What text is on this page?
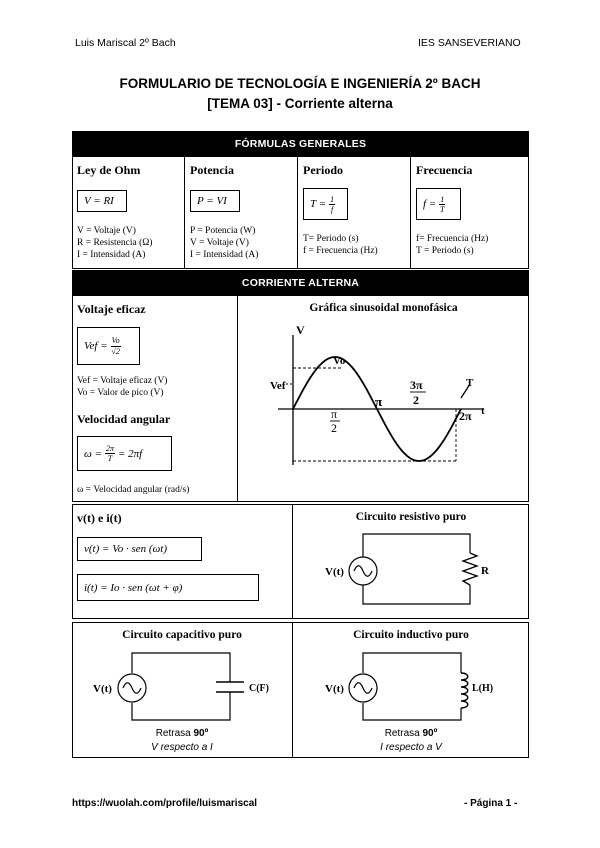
Luis Mariscal 2º Bach	IES SANSEVERIANO
FORMULARIO DE TECNOLOGÍA E INGENIERÍA 2º BACH
[TEMA 03] - Corriente alterna
FÓRMULAS GENERALES
Ley de Ohm
V = RI
V = Voltaje (V)
R = Resistencia (Ω)
I = Intensidad (A)
Potencia
P = VI
P = Potencia (W)
V = Voltaje (V)
I = Intensidad (A)
Periodo
$T = \frac{1}{f}$
T= Periodo (s)
f = Frecuencia (Hz)
Frecuencia
$f = \frac{1}{T}$
f= Frecuencia (Hz)
T = Periodo (s)
CORRIENTE ALTERNA
Voltaje eficaz
Vef = $\frac{Vo}{√2}$
Vef = Voltaje eficaz (V)
Vo = Valor de pico (V)
Velocidad angular
$\omega = \frac{2\pi}{T} = 2\pi f$
ω = Velocidad angular (rad/s)
Gráfica sinusoidal monofásica
V
Vo
Vef
π
2
π
3π
2
2π
T
t
v(t) e i(t)
v(t) = Vo · sen (ωt)
i(t) = Io · sen (ωt + φ)
Circuito resistivo puro
V(t)	R
Circuito capacitivo puro
V(t)	C(F)
Retrasa 90º
V respecto a I
Circuito inductivo puro
V(t)	L(H)
Retrasa 90º
I respecto a V
https://wuolah.com/profile/luismariscal	- Página 1 -
